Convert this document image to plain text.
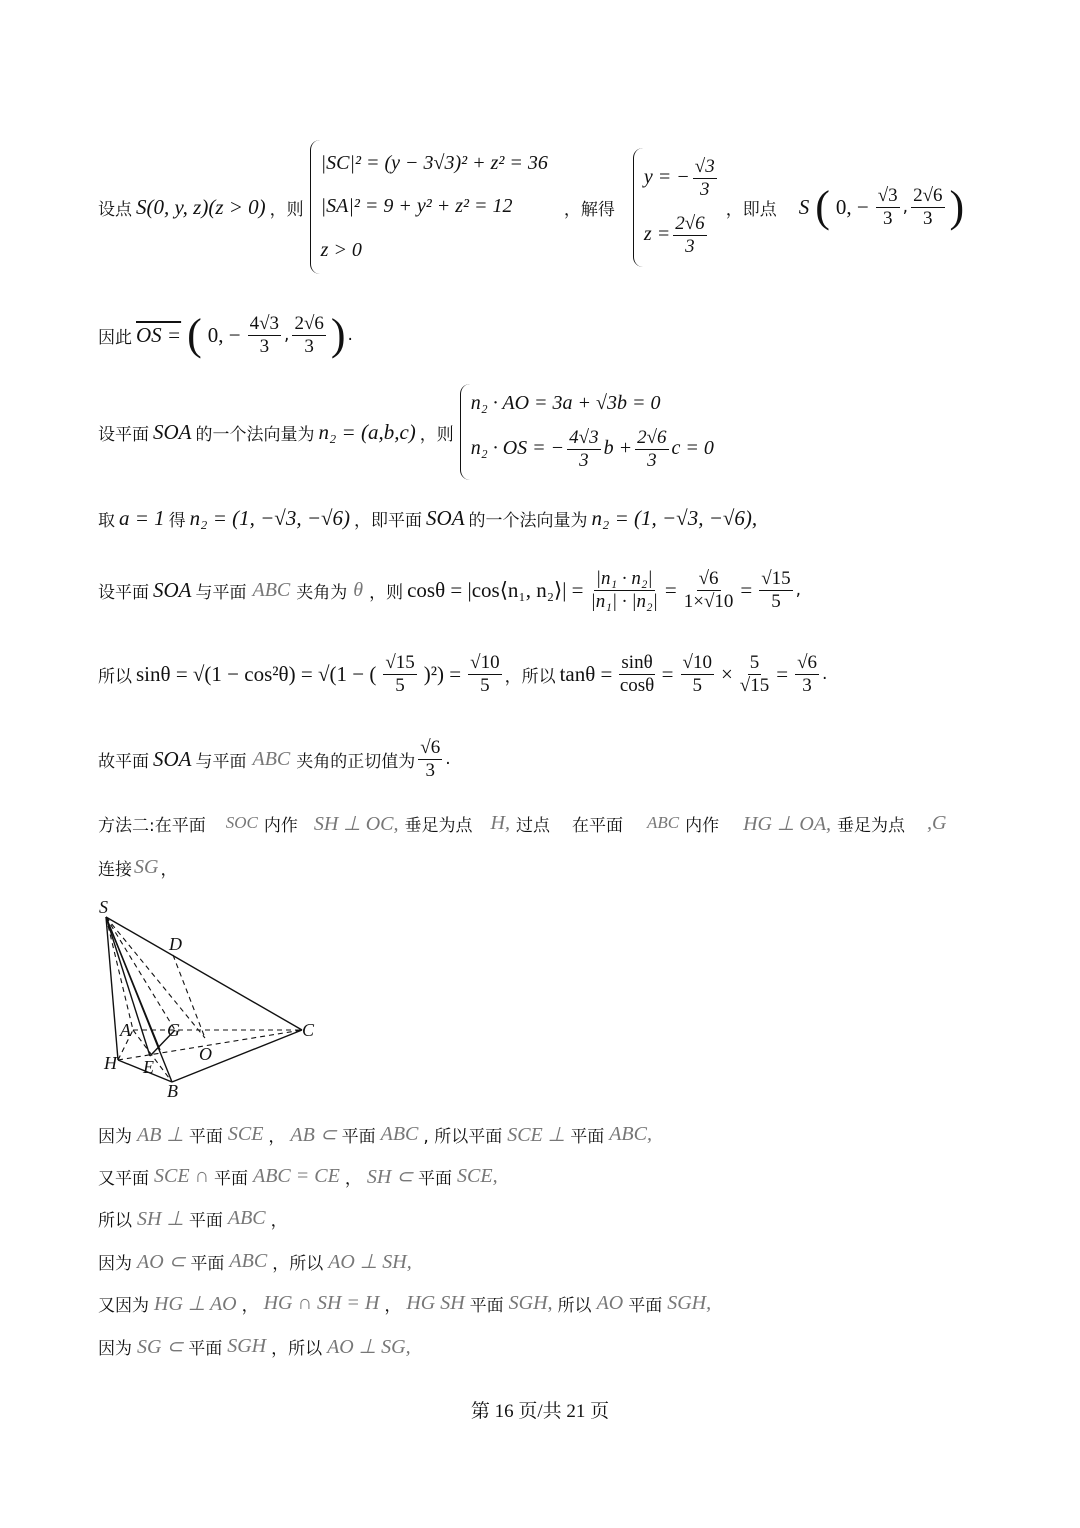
设点 S(0, y, z)(z > 0) ，则
|SC|² = (y − 3√3)² + z² = 36
|SA|² = 9 + y² + z² = 12
z > 0
，解得
y = − $\frac{√3}{3}$
$z = \frac{2√6}{3}$
，即点 S ( 0, − $\frac{√3}{3}$ , $\frac{2√6}{3}$ )
因此 OS = ( 0, − $\frac{4√3}{3}$ , $\frac{2√6}{3}$ ) .
设平面 SOA 的一个法向量为 n₂ = (a,b,c) ，则
n₂ · AO = 3a + √3b = 0
n₂ · OS = − $\frac{4√3}{3}$ $b + \frac{2√6}{3}$ c = 0
取 a = 1 得 n₂ = (1, −√3, −√6) ，即平面 SOA 的一个法向量为 n₂ = (1, −√3, −√6),
设平面 SOA 与平面 ABC 夹角为 θ ，则 cosθ = |cos⟨n₁, n₂⟩| = $\frac{\text{|n₁ · n₂|}}{\text{|n₁| · |n₂|}} = \frac{√6}{1\times√10} = \frac{√15}{5}$ ,
所以 sinθ = √(1 − cos²θ) = √(1 − ( $\frac{√15}{5} )^2) = \frac{√10}{5}$ ，所以 $\tan\theta = \frac{\sin\theta}{\cos\theta} = \frac{√10}{5} \times \frac{5}{√15} = \frac{√6}{3}$ .
故平面 SOA 与平面 ABC 夹角的正切值为 $\frac{√6}{3}$ .
方法二:在平面 SOC 内作 SH ⊥ OC, 垂足为点 H, 过点 在平面 ABC 内作 HG ⊥ OA, 垂足为点 ,G
连接 SG ，
S
D
A G	C
O
H E
B
因为 AB ⊥ 平面 SCE ， AB ⊂ 平面 ABC , 所以平面 SCE ⊥ 平面 ABC,
又平面 SCE ∩ 平面 ABC = CE ， SH ⊂ 平面 SCE,
所以 SH ⊥ 平面 ABC ，
因为 AO ⊂ 平面 ABC ，所以 AO ⊥ SH,
又因为 HG ⊥ AO ， HG ∩ SH = H ， HG SH 平面 SGH, 所以 AO 平面 SGH,
因为 SG ⊂ 平面 SGH ，所以 AO ⊥ SG,
第 16 页/共 21 页
